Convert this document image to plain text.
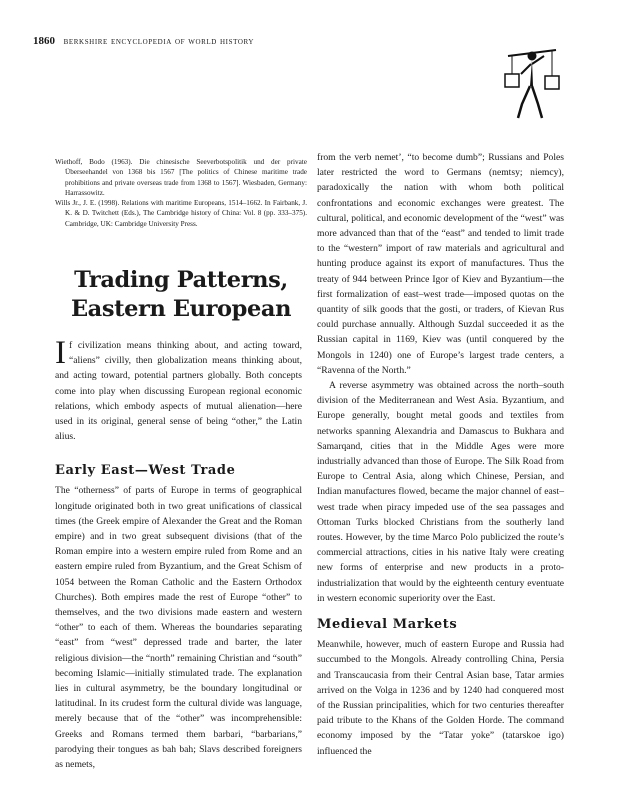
1860 berkshire encyclopedia of world history
Wiethoff, Bodo (1963). Die chinesische Seeverbotspolitik und der private Überseehandel von 1368 bis 1567 [The politics of Chinese maritime trade prohibitions and private overseas trade from 1368 to 1567]. Wiesbaden, Germany: Harrassowitz.
Wills Jr., J. E. (1998). Relations with maritime Europeans, 1514–1662. In Fairbank, J. K. & D. Twitchett (Eds.), The Cambridge history of China: Vol. 8 (pp. 333–375). Cambridge, UK: Cambridge University Press.
Trading Patterns, Eastern European

If civilization means thinking about, and acting toward, “aliens” civilly, then globalization means thinking about, and acting toward, potential partners globally. Both concepts come into play when discussing European regional economic relations, which embody aspects of mutual alienation—here used in its original, general sense of being “other,” the Latin alius.

Early East—West Trade

The “otherness” of parts of Europe in terms of geographical longitude originated both in two great unifications of classical times (the Greek empire of Alexander the Great and the Roman empire) and in two great subsequent divisions (that of the Roman empire into a western empire ruled from Rome and an eastern empire ruled from Byzantium, and the Great Schism of 1054 between the Roman Catholic and the Eastern Orthodox Churches). Both empires made the rest of Europe “other” to themselves, and the two divisions made eastern and western “other” to each of them. Whereas the boundaries separating “east” from “west” depressed trade and barter, the later religious division—the “north” remaining Christian and “south” becoming Islamic—initially stimulated trade. The explanation lies in cultural asymmetry, be the boundary longitudinal or latitudinal. In its crudest form the cultural divide was language, merely because that of the “other” was incomprehensible: Greeks and Romans termed them barbari, “barbarians,” parodying their tongues as bah bah; Slavs described foreigners as nemets,

from the verb nemet’, “to become dumb”; Russians and Poles later restricted the word to Germans (nemtsy; niemcy), paradoxically the nation with whom both political confrontations and economic exchanges were greatest. The cultural, political, and economic development of the “west” was more advanced than that of the “east” and tended to limit trade to the “western” import of raw materials and agricultural and hunting produce against its export of manufactures. Thus the treaty of 944 between Prince Igor of Kiev and Byzantium—the first formalization of east–west trade—imposed quotas on the quantity of silk goods that the gosti, or traders, of Kievan Rus could purchase annually. Although Suzdal succeeded it as the Russian capital in 1169, Kiev was (until conquered by the Mongols in 1240) one of Europe’s largest trade centers, a “Ravenna of the North.”

A reverse asymmetry was obtained across the north–south division of the Mediterranean and West Asia. Byzantium, and Europe generally, bought metal goods and textiles from networks spanning Alexandria and Damascus to Bukhara and Samarqand, cities that in the Middle Ages were more industrially advanced than those of Europe. The Silk Road from Europe to Central Asia, along which Chinese, Persian, and Indian manufactures flowed, became the major channel of east–west trade when piracy impeded use of the sea passages and Ottoman Turks blocked Christians from the southerly land routes. However, by the time Marco Polo publicized the route’s commercial attractions, cities in his native Italy were creating new forms of enterprise and new products in a proto-industrialization that would by the eighteenth century eventuate in western economic superiority over the East.

Medieval Markets

Meanwhile, however, much of eastern Europe and Russia had succumbed to the Mongols. Already controlling China, Persia and Transcaucasia from their Central Asian base, Tatar armies arrived on the Volga in 1236 and by 1240 had conquered most of the Russian principalities, which for two centuries thereafter paid tribute to the Khans of the Golden Horde. The command economy imposed by the “Tatar yoke” (tatarskoe igo) influenced the
